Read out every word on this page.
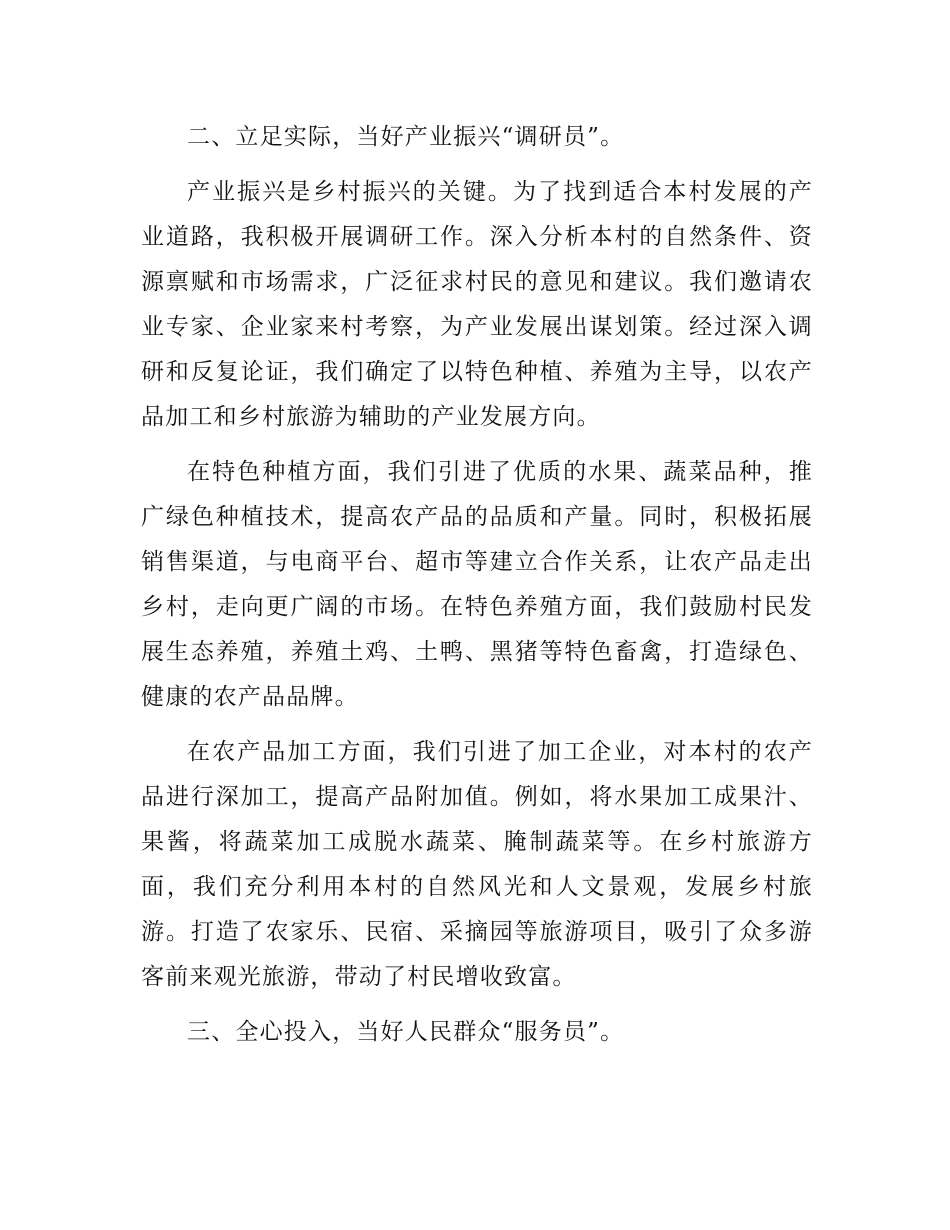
二、立足实际，当好产业振兴“调研员”。

产业振兴是乡村振兴的关键。为了找到适合本村发展的产业道路，我积极开展调研工作。深入分析本村的自然条件、资源禀赋和市场需求，广泛征求村民的意见和建议。我们邀请农业专家、企业家来村考察，为产业发展出谋划策。经过深入调研和反复论证，我们确定了以特色种植、养殖为主导，以农产品加工和乡村旅游为辅助的产业发展方向。

在特色种植方面，我们引进了优质的水果、蔬菜品种，推广绿色种植技术，提高农产品的品质和产量。同时，积极拓展销售渠道，与电商平台、超市等建立合作关系，让农产品走出乡村，走向更广阔的市场。在特色养殖方面，我们鼓励村民发展生态养殖，养殖土鸡、土鸭、黑猪等特色畜禽，打造绿色、健康的农产品品牌。

在农产品加工方面，我们引进了加工企业，对本村的农产品进行深加工，提高产品附加值。例如，将水果加工成果汁、果酱，将蔬菜加工成脱水蔬菜、腌制蔬菜等。在乡村旅游方面，我们充分利用本村的自然风光和人文景观，发展乡村旅游。打造了农家乐、民宿、采摘园等旅游项目，吸引了众多游客前来观光旅游，带动了村民增收致富。

三、全心投入，当好人民群众“服务员”。
